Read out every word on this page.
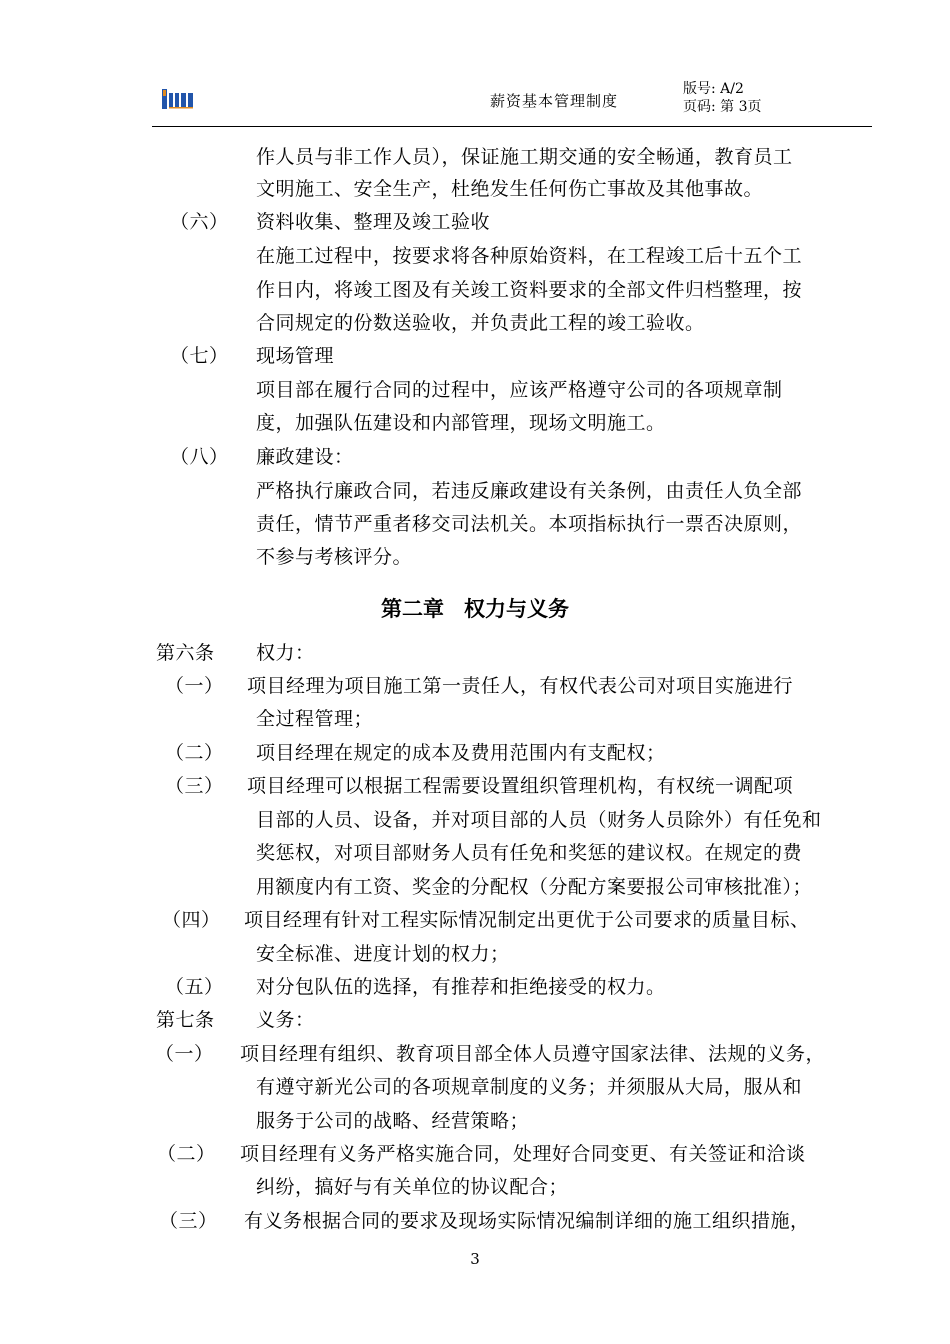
薪资基本管理制度
版号: A/2
页码: 第 3页
作人员与非工作人员），保证施工期交通的安全畅通，教育员工
文明施工、安全生产，杜绝发生任何伤亡事故及其他事故。
（六） 资料收集、整理及竣工验收
在施工过程中，按要求将各种原始资料，在工程竣工后十五个工
作日内，将竣工图及有关竣工资料要求的全部文件归档整理，按
合同规定的份数送验收，并负责此工程的竣工验收。
（七） 现场管理
项目部在履行合同的过程中，应该严格遵守公司的各项规章制
度，加强队伍建设和内部管理，现场文明施工。
（八） 廉政建设：
严格执行廉政合同，若违反廉政建设有关条例，由责任人负全部
责任，情节严重者移交司法机关。本项指标执行一票否决原则，
不参与考核评分。
第二章 权力与义务
第六条 权力：
（一） 项目经理为项目施工第一责任人，有权代表公司对项目实施进行
全过程管理；
（二） 项目经理在规定的成本及费用范围内有支配权；
（三） 项目经理可以根据工程需要设置组织管理机构，有权统一调配项
目部的人员、设备，并对项目部的人员（财务人员除外）有任免和
奖惩权，对项目部财务人员有任免和奖惩的建议权。在规定的费
用额度内有工资、奖金的分配权（分配方案要报公司审核批准）；
（四） 项目经理有针对工程实际情况制定出更优于公司要求的质量目标、
安全标准、进度计划的权力；
（五） 对分包队伍的选择，有推荐和拒绝接受的权力。
第七条 义务：
（一） 项目经理有组织、教育项目部全体人员遵守国家法律、法规的义务，
有遵守新光公司的各项规章制度的义务；并须服从大局，服从和
服务于公司的战略、经营策略；
（二） 项目经理有义务严格实施合同，处理好合同变更、有关签证和洽谈
纠纷，搞好与有关单位的协议配合；
（三） 有义务根据合同的要求及现场实际情况编制详细的施工组织措施，
3
